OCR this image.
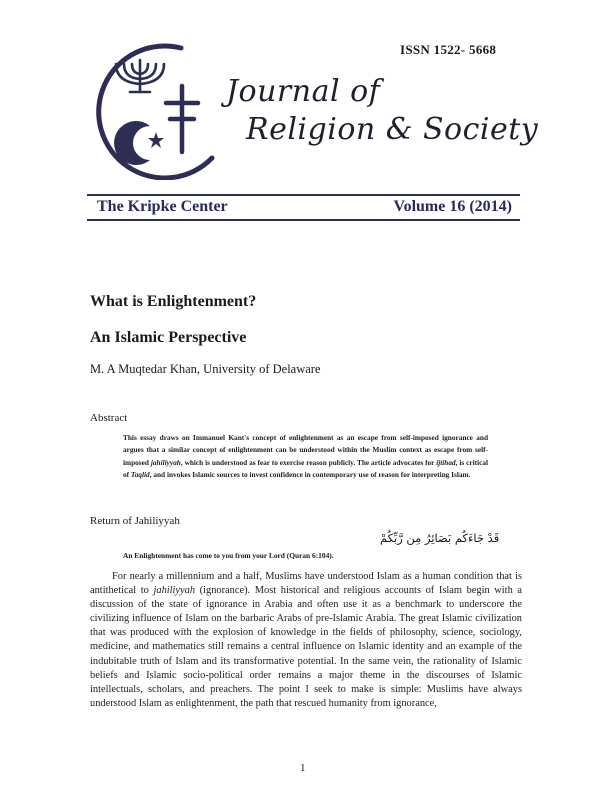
ISSN 1522- 5668
Journal of
Religion & Society
The Kripke Center	Volume 16 (2014)
What is Enlightenment?
An Islamic Perspective
M. A Muqtedar Khan, University of Delaware
Abstract
This essay draws on Immanuel Kant's concept of enlightenment as an escape from self-imposed ignorance and argues that a similar concept of enlightenment can be understood within the Muslim context as escape from self-imposed jahiliyyah, which is understood as fear to exercise reason publicly. The article advocates for ijtihad, is critical of Taqlid, and invokes Islamic sources to invest confidence in contemporary use of reason for interpreting Islam.
Return of Jahiliyyah
قَدْ جَاءَكُم بَصَائِرُ مِن رَّبِّكُمْ
An Enlightenment has come to you from your Lord (Quran 6:104).

For nearly a millennium and a half, Muslims have understood Islam as a human condition that is antithetical to jahiliyyah (ignorance). Most historical and religious accounts of Islam begin with a discussion of the state of ignorance in Arabia and often use it as a benchmark to underscore the civilizing influence of Islam on the barbaric Arabs of pre-Islamic Arabia. The great Islamic civilization that was produced with the explosion of knowledge in the fields of philosophy, science, sociology, medicine, and mathematics still remains a central influence on Islamic identity and an example of the indubitable truth of Islam and its transformative potential. In the same vein, the rationality of Islamic beliefs and Islamic socio-political order remains a major theme in the discourses of Islamic intellectuals, scholars, and preachers. The point I seek to make is simple: Muslims have always understood Islam as enlightenment, the path that rescued humanity from ignorance,

1
